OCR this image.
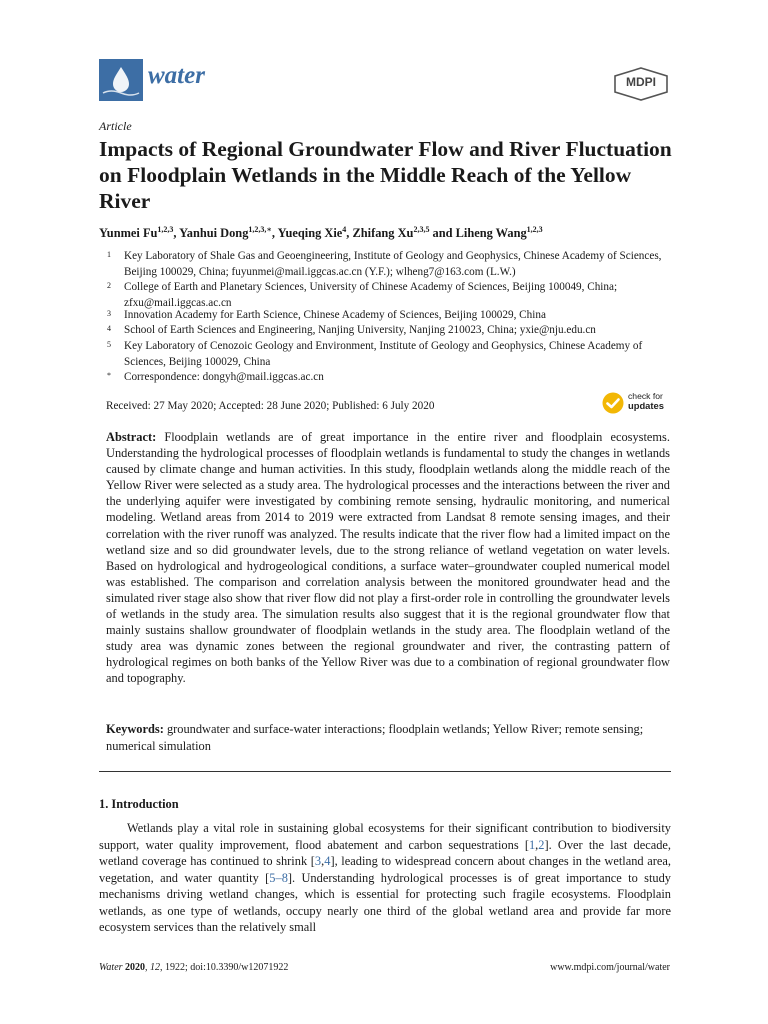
water	MDPI
Article
Impacts of Regional Groundwater Flow and River Fluctuation on Floodplain Wetlands in the Middle Reach of the Yellow River
Yunmei Fu$^{1,2,3}$, Yanhui Dong$^{1,2,3,∗}$, Yueqing Xie$^4$, Zhifang Xu$^{2,3,5}$ and Liheng Wang$^{1,2,3}$
1 Key Laboratory of Shale Gas and Geoengineering, Institute of Geology and Geophysics, Chinese Academy of Sciences, Beijing 100029, China; fuyunmei@mail.iggcas.ac.cn (Y.F.); wlheng7@163.com (L.W.)
2 College of Earth and Planetary Sciences, University of Chinese Academy of Sciences, Beijing 100049, China; zfxu@mail.iggcas.ac.cn
3 Innovation Academy for Earth Science, Chinese Academy of Sciences, Beijing 100029, China
4 School of Earth Sciences and Engineering, Nanjing University, Nanjing 210023, China; yxie@nju.edu.cn
5 Key Laboratory of Cenozoic Geology and Environment, Institute of Geology and Geophysics, Chinese Academy of Sciences, Beijing 100029, China
* Correspondence: dongyh@mail.iggcas.ac.cn
Received: 27 May 2020; Accepted: 28 June 2020; Published: 6 July 2020
check for
updates

Abstract: Floodplain wetlands are of great importance in the entire river and floodplain ecosystems. Understanding the hydrological processes of floodplain wetlands is fundamental to study the changes in wetlands caused by climate change and human activities. In this study, floodplain wetlands along the middle reach of the Yellow River were selected as a study area. The hydrological processes and the interactions between the river and the underlying aquifer were investigated by combining remote sensing, hydraulic monitoring, and numerical modeling. Wetland areas from 2014 to 2019 were extracted from Landsat 8 remote sensing images, and their correlation with the river runoff was analyzed. The results indicate that the river flow had a limited impact on the wetland size and so did groundwater levels, due to the strong reliance of wetland vegetation on water levels. Based on hydrological and hydrogeological conditions, a surface water–groundwater coupled numerical model was established. The comparison and correlation analysis between the monitored groundwater head and the simulated river stage also show that river flow did not play a first-order role in controlling the groundwater levels of wetlands in the study area. The simulation results also suggest that it is the regional groundwater flow that mainly sustains shallow groundwater of floodplain wetlands in the study area. The floodplain wetland of the study area was dynamic zones between the regional groundwater and river, the contrasting pattern of hydrological regimes on both banks of the Yellow River was due to a combination of regional groundwater flow and topography.

Keywords: groundwater and surface-water interactions; floodplain wetlands; Yellow River; remote sensing; numerical simulation

1. Introduction

Wetlands play a vital role in sustaining global ecosystems for their significant contribution to biodiversity support, water quality improvement, flood abatement and carbon sequestrations [1,2]. Over the last decade, wetland coverage has continued to shrink [3,4], leading to widespread concern about changes in the wetland area, vegetation, and water quantity [5–8]. Understanding hydrological processes is of great importance to study mechanisms driving wetland changes, which is essential for protecting such fragile ecosystems. Floodplain wetlands, as one type of wetlands, occupy nearly one third of the global wetland area and provide far more ecosystem services than the relatively small

Water 2020, 12, 1922; doi:10.3390/w12071922	www.mdpi.com/journal/water
